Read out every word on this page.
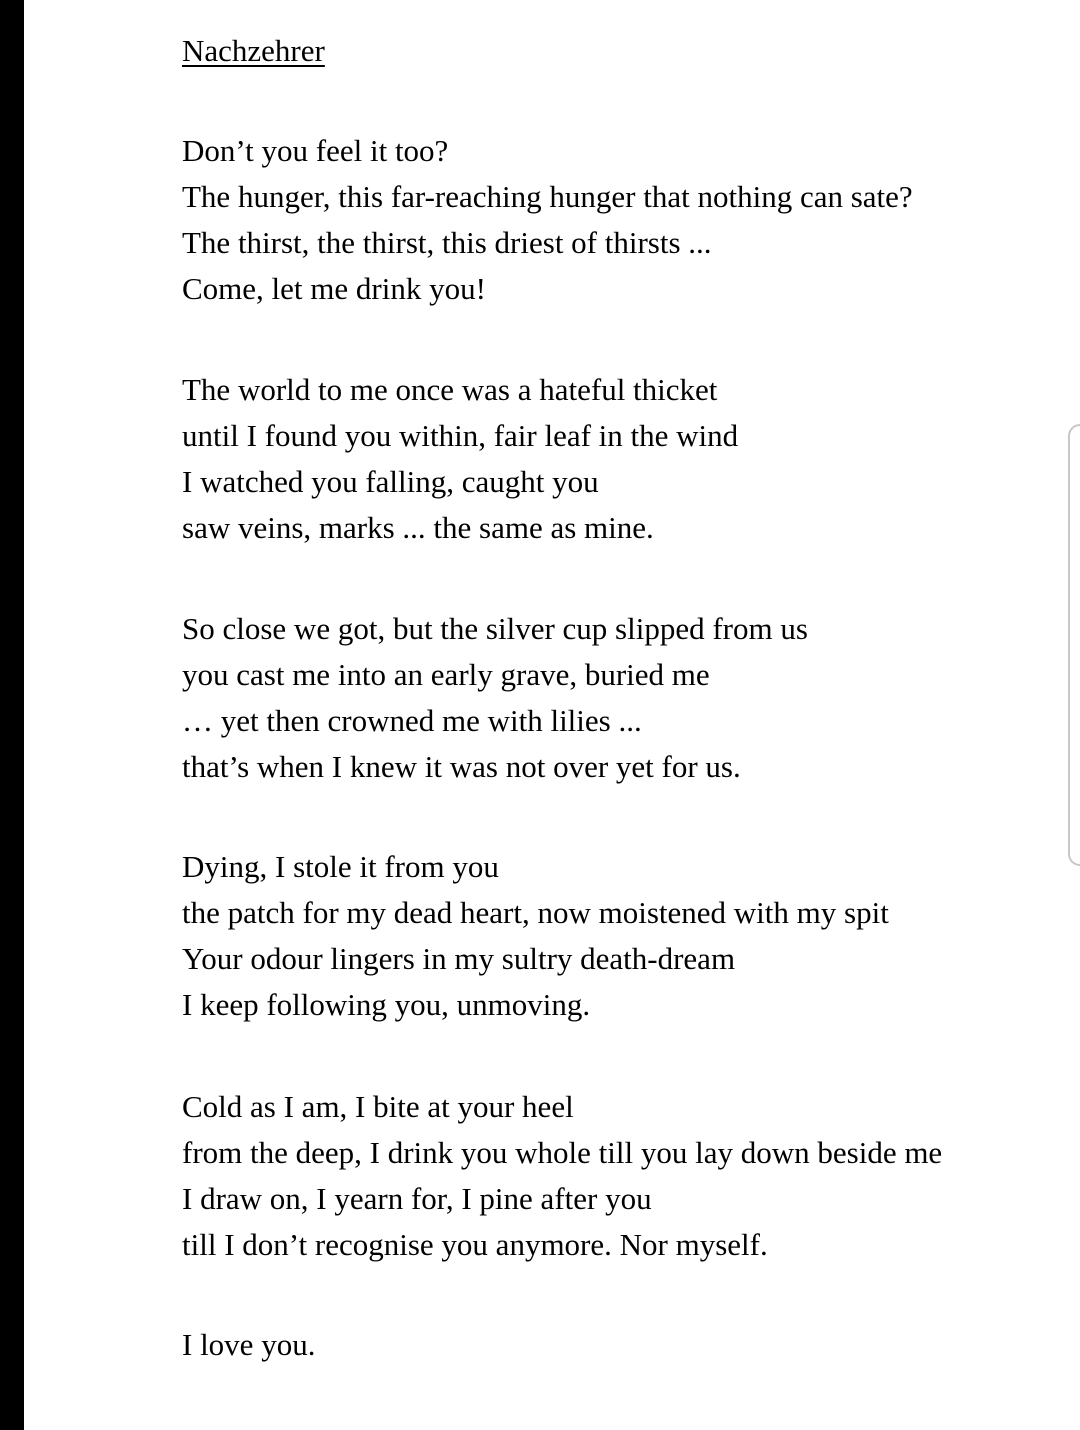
Nachzehrer
Don’t you feel it too?
The hunger, this far-reaching hunger that nothing can sate?
The thirst, the thirst, this driest of thirsts ...
Come, let me drink you!
The world to me once was a hateful thicket
until I found you within, fair leaf in the wind
I watched you falling, caught you
saw veins, marks ... the same as mine.
So close we got, but the silver cup slipped from us
you cast me into an early grave, buried me
… yet then crowned me with lilies ...
that’s when I knew it was not over yet for us.
Dying, I stole it from you
the patch for my dead heart, now moistened with my spit
Your odour lingers in my sultry death-dream
I keep following you, unmoving.
Cold as I am, I bite at your heel
from the deep, I drink you whole till you lay down beside me
I draw on, I yearn for, I pine after you
till I don’t recognise you anymore. Nor myself.
I love you.
